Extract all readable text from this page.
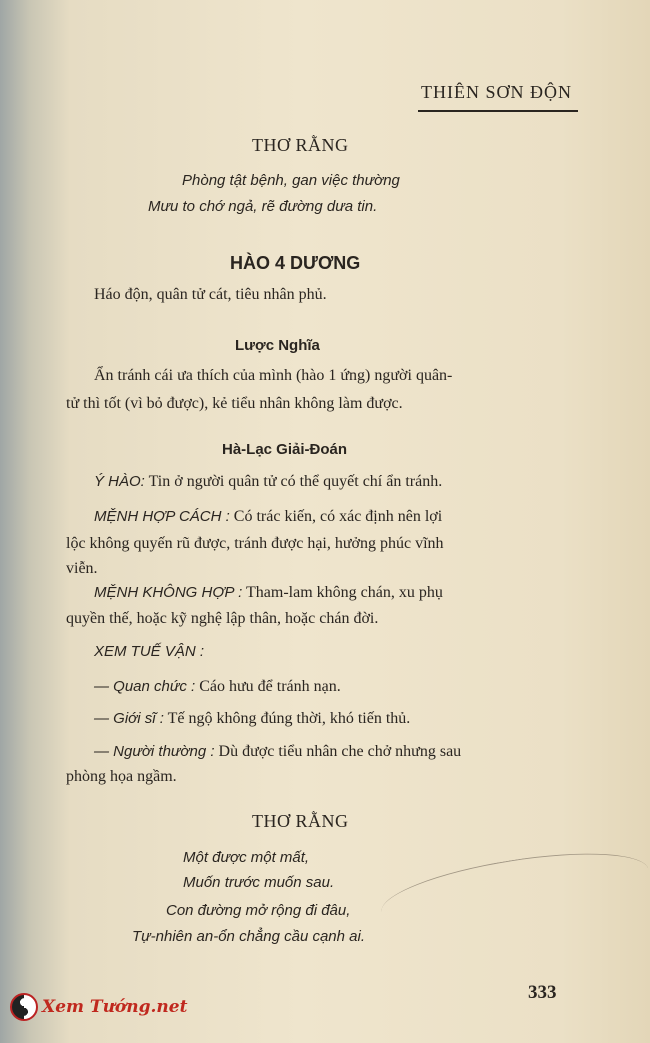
THIÊN SƠN ĐỘN
THƠ RẰNG
Phòng tật bệnh, gan việc thường
Mưu to chớ ngả, rẽ đường dưa tin.
HÀO 4 DƯƠNG
Háo độn, quân tử cát, tiêu nhân phủ.
Lược Nghĩa
Ẩn tránh cái ưa thích của mình (hào 1 ứng) người quân-
tử thì tốt (vì bỏ được), kẻ tiểu nhân không làm được.
Hà-Lạc Giải-Đoán
Ý HÀO: Tin ở người quân tử có thể quyết chí ẩn tránh.
MỆNH HỢP CÁCH : Có trác kiến, có xác định nên lợi
lộc không quyến rũ được, tránh được hại, hưởng phúc vĩnh
viễn.
MỆNH KHÔNG HỢP : Tham-lam không chán, xu phụ
quyền thế, hoặc kỹ nghệ lập thân, hoặc chán đời.
XEM TUẾ VẬN :
— Quan chức : Cáo hưu để tránh nạn.
— Giới sĩ : Tế ngộ không đúng thời, khó tiến thủ.
— Người thường : Dù được tiểu nhân che chở nhưng sau
phòng họa ngầm.
THƠ RẰNG
Một được một mất,
Muốn trước muốn sau.
Con đường mở rộng đi đâu,
Tự-nhiên an-ổn chẳng cầu cạnh ai.
333
Xem Tướng.net
